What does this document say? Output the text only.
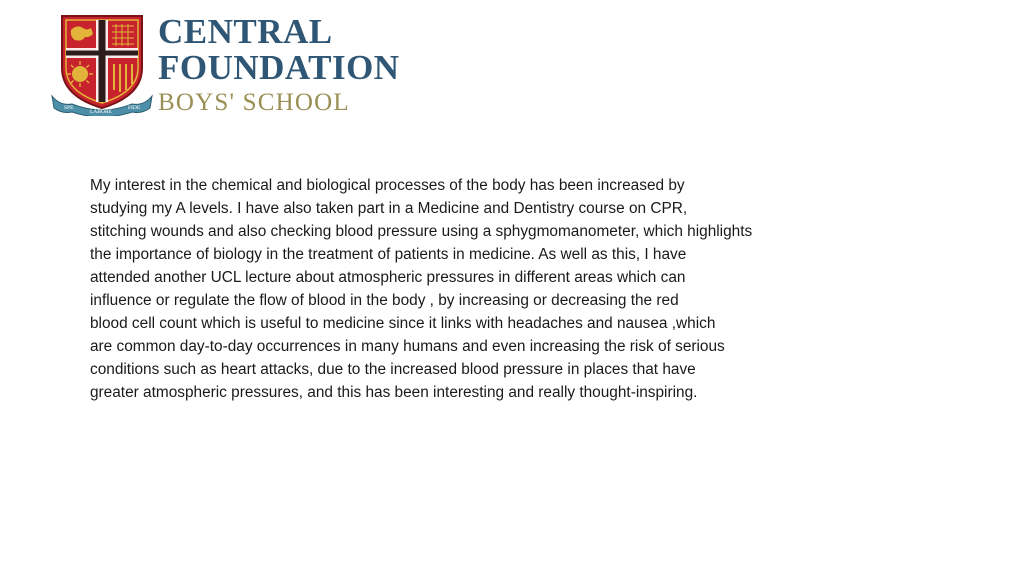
SPE
LABORE
FIDE
CENTRAL
FOUNDATION
BOYS' SCHOOL
My interest in the chemical and biological processes of the body has been increased by
studying my A levels. I have also taken part in a Medicine and Dentistry course on CPR,
stitching wounds and also checking blood pressure using a sphygmomanometer, which highlights
the importance of biology in the treatment of patients in medicine. As well as this, I have
attended another UCL lecture about atmospheric pressures in different areas which can
influence or regulate the flow of blood in the body , by increasing or decreasing the red
blood cell count which is useful to medicine since it links with headaches and nausea ,which
are common day-to-day occurrences in many humans and even increasing the risk of serious
conditions such as heart attacks, due to the increased blood pressure in places that have
greater atmospheric pressures, and this has been interesting and really thought-inspiring.
